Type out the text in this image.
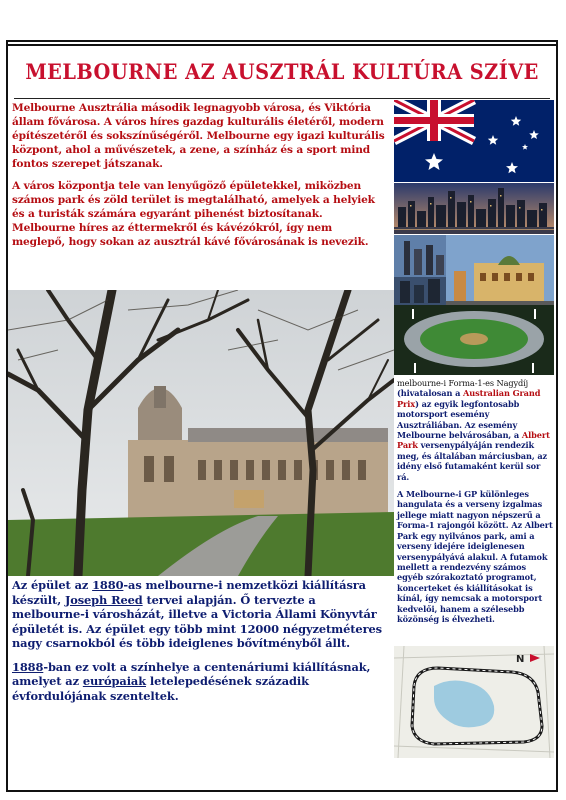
MELBOURNE AZ AUSZTRÁL KULTÚRA SZÍVE

Melbourne Ausztrália második legnagyobb városa, és Viktória állam fővárosa. A város híres gazdag kulturális életéről, modern építészetéről és sokszínűségéről. Melbourne egy igazi kulturális központ, ahol a művészetek, a zene, a színház és a sport mind fontos szerepet játszanak.

A város központja tele van lenyűgöző épületekkel, miközben számos park és zöld terület is megtalálható, amelyek a helyiek és a turisták számára egyaránt pihenést biztosítanak. Melbourne híres az éttermekről és kávézókról, így nem meglepő, hogy sokan az ausztrál kávé fővárosának is nevezik.

Az épület az 1880-as melbourne-i nemzetközi kiállításra készült, Joseph Reed tervei alapján. Ő tervezte a melbourne-i városházát, illetve a Victoria Állami Könyvtár épületét is. Az épület egy több mint 12000 négyzetméteres nagy csarnokból és több ideiglenes bővítményből állt.

1888-ban ez volt a színhelye a centenáriumi kiállításnak, amelyet az európaiak letelepedésének századik évfordulójának szenteltek.

melbourne-i Forma-1-es Nagydíj (hivatalosan a Australian Grand Prix) az egyik legfontosabb motorsport esemény Ausztráliában. Az esemény Melbourne belvárosában, a Albert Park versenypályáján rendezik meg, és általában márciusban, az idény első futamaként kerül sor rá.

A Melbourne-i GP különleges hangulata és a verseny izgalmas jellege miatt nagyon népszerű a Forma-1 rajongói között. Az Albert Park egy nyilvános park, ami a verseny idejére ideiglenesen versenypályává alakul. A futamok mellett a rendezvény számos egyéb szórakoztató programot, koncerteket és kiállításokat is kínál, így nemcsak a motorsport kedvelői, hanem a szélesebb közönség is élvezheti.

N
